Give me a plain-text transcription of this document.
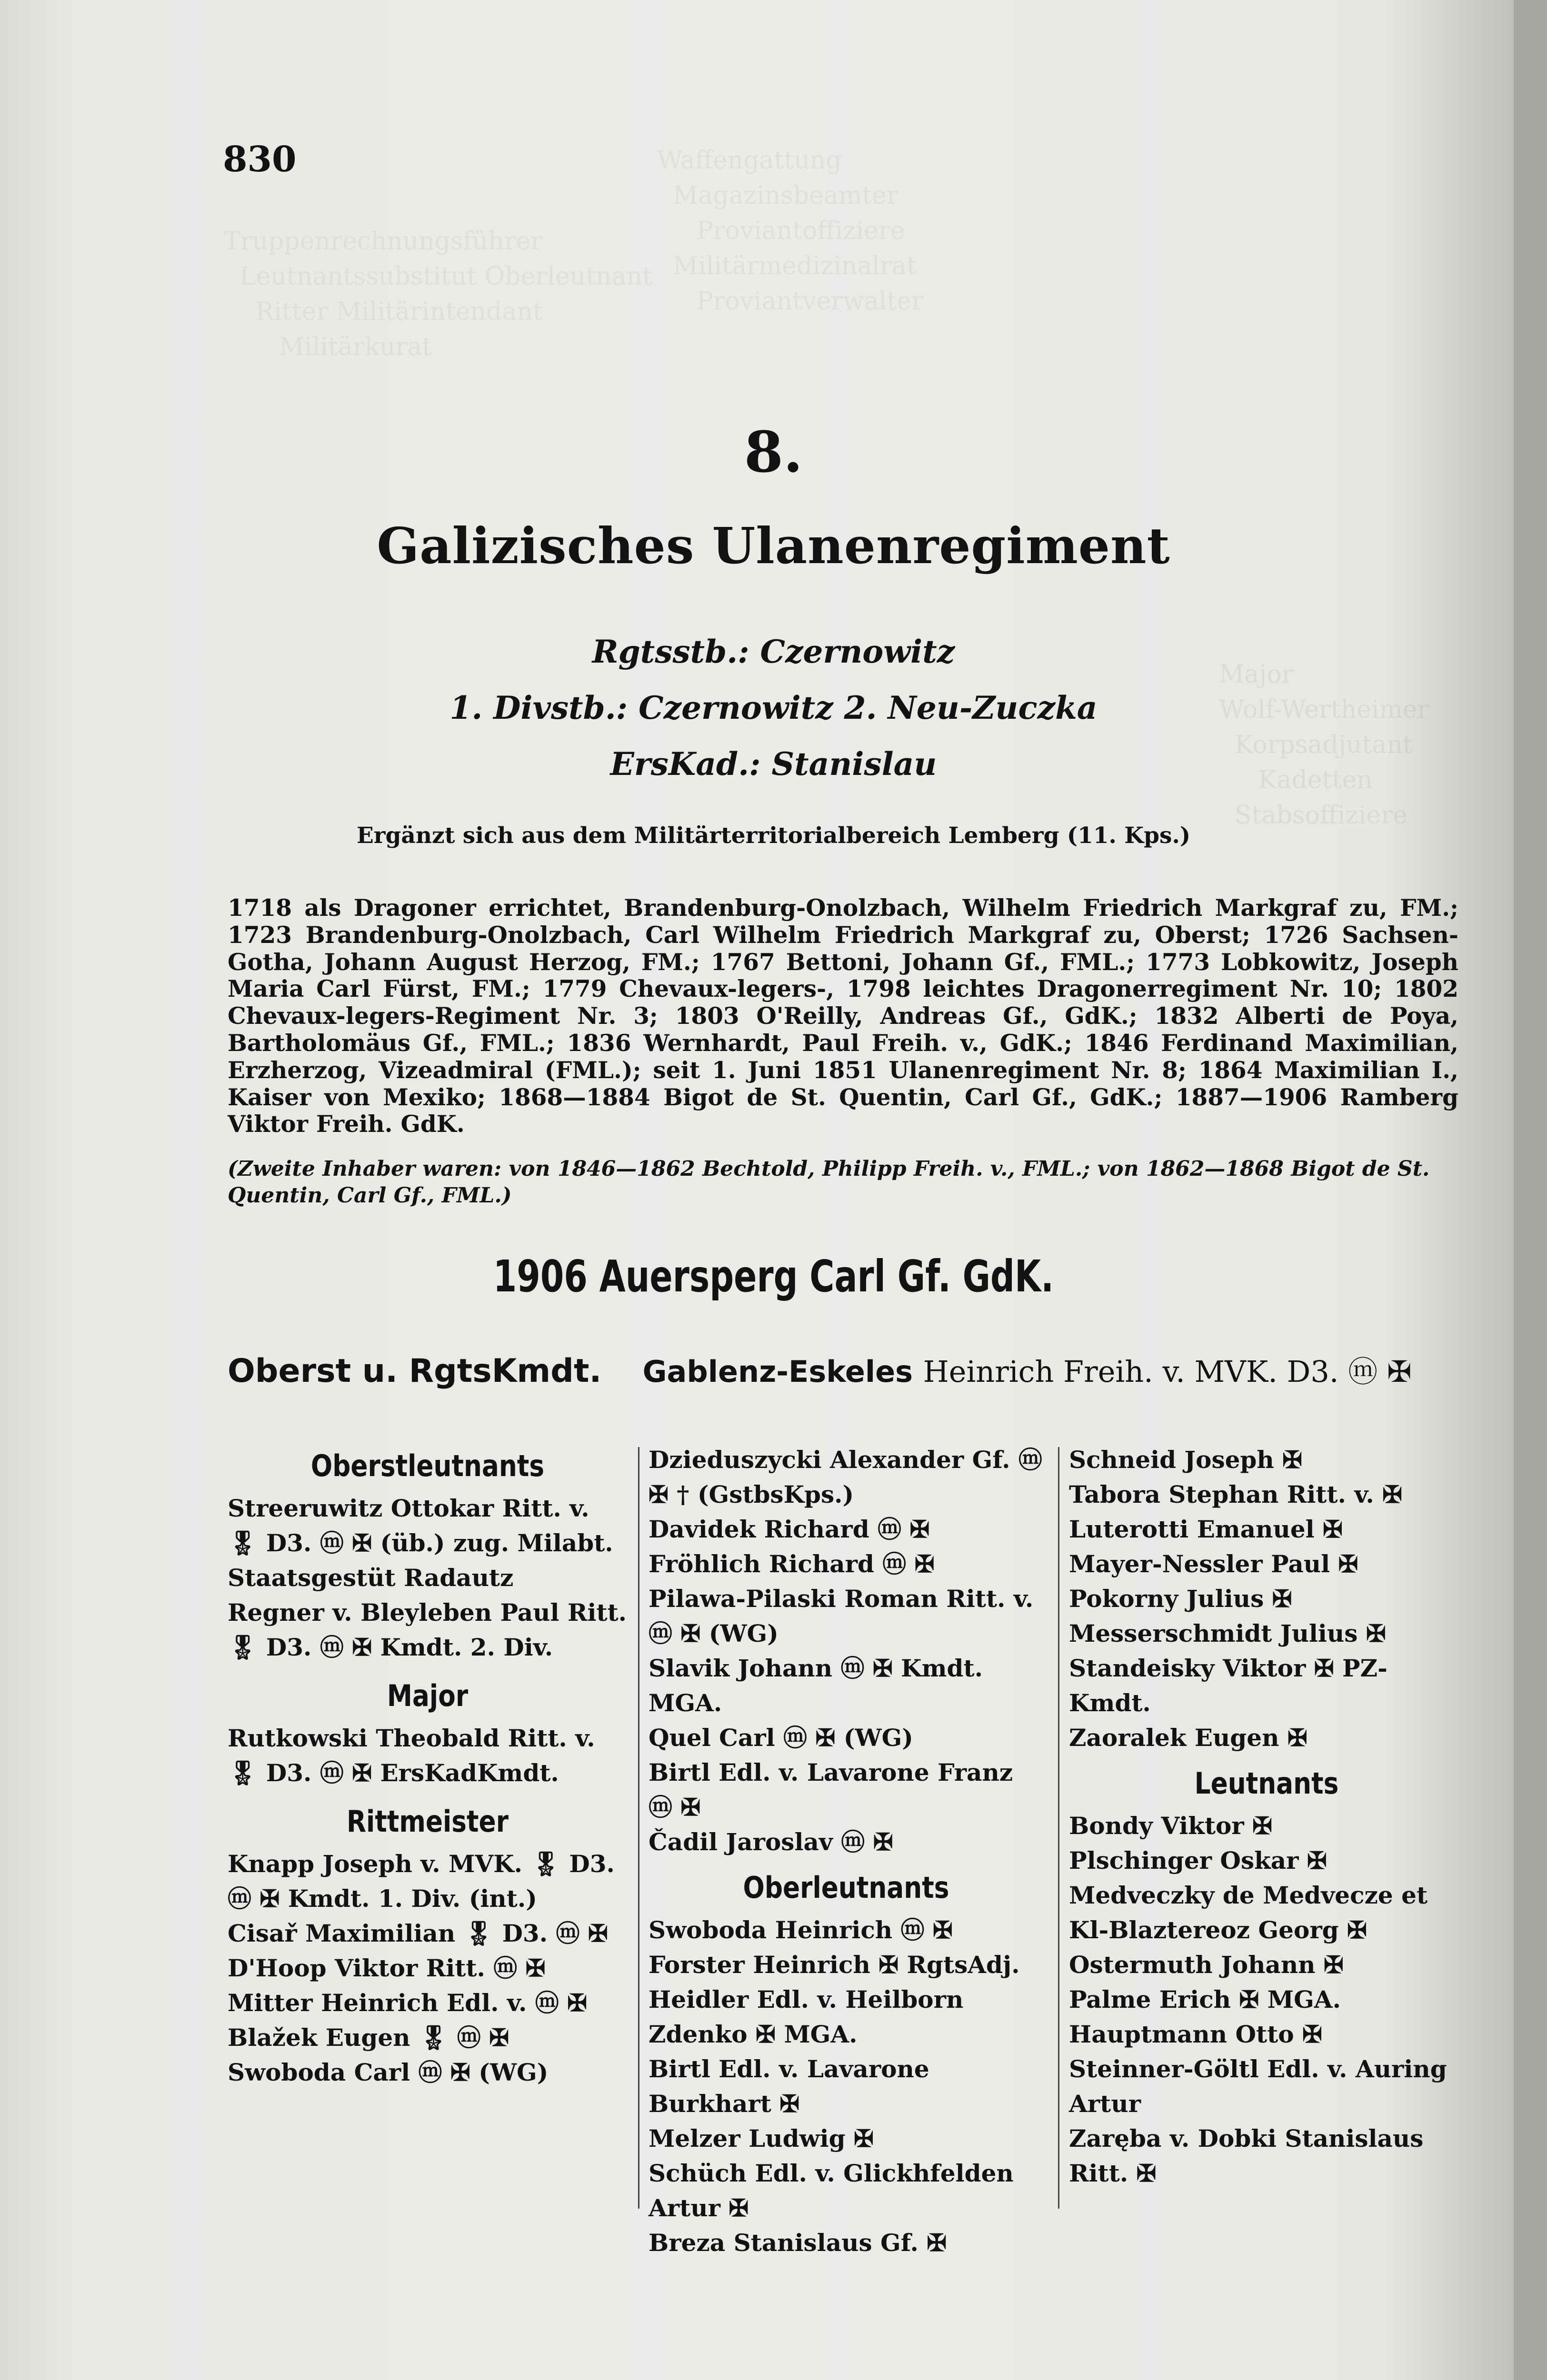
Major
Wolf-Wertheimer
Korpsadjutant
Kadetten
Stabsoffiziere
830
8.
Galizisches Ulanenregiment
Rgtsstb.: Czernowitz
1. Divstb.: Czernowitz 2. Neu-Zuczka
ErsKad.: Stanislau
Ergänzt sich aus dem Militärterritorialbereich Lemberg (11. Kps.)
1718 als Dragoner errichtet, Brandenburg-Onolzbach, Wilhelm Friedrich Markgraf zu, FM.; 1723 Brandenburg-Onolzbach, Carl Wilhelm Friedrich Markgraf zu, Oberst; 1726 Sachsen-Gotha, Johann August Herzog, FM.; 1767 Bettoni, Johann Gf., FML.; 1773 Lobkowitz, Joseph Maria Carl Fürst, FM.; 1779 Chevaux-legers-, 1798 leichtes Dragonerregiment Nr. 10; 1802 Chevaux-legers-Regiment Nr. 3; 1803 O'Reilly, Andreas Gf., GdK.; 1832 Alberti de Poya, Bartholomäus Gf., FML.; 1836 Wernhardt, Paul Freih. v., GdK.; 1846 Ferdinand Maximilian, Erzherzog, Vizeadmiral (FML.); seit 1. Juni 1851 Ulanenregiment Nr. 8; 1864 Maximilian I., Kaiser von Mexiko; 1868—1884 Bigot de St. Quentin, Carl Gf., GdK.; 1887—1906 Ramberg Viktor Freih. GdK.
(Zweite Inhaber waren: von 1846—1862 Bechtold, Philipp Freih. v., FML.; von 1862—1868 Bigot de St. Quentin, Carl Gf., FML.)
1906 Auersperg Carl Gf. GdK.
Oberst u. RgtsKmdt. Gablenz-Eskeles Heinrich Freih. v. MVK. D3. ⓜ ✠
Oberstleutnants
Streeruwitz Ottokar Ritt. v. 🎖 D3. ⓜ ✠ (üb.) zug. Milabt. Staatsgestüt Radautz
Regner v. Bleyleben Paul Ritt. 🎖 D3. ⓜ ✠ Kmdt. 2. Div.
Major
Rutkowski Theobald Ritt. v. 🎖 D3. ⓜ ✠ ErsKadKmdt.
Rittmeister
Knapp Joseph v. MVK. 🎖 D3. ⓜ ✠ Kmdt. 1. Div. (int.)
Cisař Maximilian 🎖 D3. ⓜ ✠
D'Hoop Viktor Ritt. ⓜ ✠
Mitter Heinrich Edl. v. ⓜ ✠
Blažek Eugen 🎖 ⓜ ✠
Swoboda Carl ⓜ ✠ (WG)
Dzieduszycki Alexander Gf. ⓜ ✠ † (GstbsKps.)
Davidek Richard ⓜ ✠
Fröhlich Richard ⓜ ✠
Pilawa-Pilaski Roman Ritt. v. ⓜ ✠ (WG)
Slavik Johann ⓜ ✠ Kmdt. MGA.
Quel Carl ⓜ ✠ (WG)
Birtl Edl. v. Lavarone Franz ⓜ ✠
Čadil Jaroslav ⓜ ✠
Oberleutnants
Swoboda Heinrich ⓜ ✠
Forster Heinrich ✠ RgtsAdj.
Heidler Edl. v. Heilborn Zdenko ✠ MGA.
Birtl Edl. v. Lavarone Burkhart ✠
Melzer Ludwig ✠
Schüch Edl. v. Glickhfelden Artur ✠
Breza Stanislaus Gf. ✠
Schneid Joseph ✠
Tabora Stephan Ritt. v. ✠
Luterotti Emanuel ✠
Mayer-Nessler Paul ✠
Pokorny Julius ✠
Messerschmidt Julius ✠
Standeisky Viktor ✠ PZ-Kmdt.
Zaoralek Eugen ✠
Leutnants
Bondy Viktor ✠
Plschinger Oskar ✠
Medveczky de Medvecze et Kl-Blaztereoz Georg ✠
Ostermuth Johann ✠
Palme Erich ✠ MGA.
Hauptmann Otto ✠
Steinner-Göltl Edl. v. Auring Artur
Zaręba v. Dobki Stanislaus Ritt. ✠
